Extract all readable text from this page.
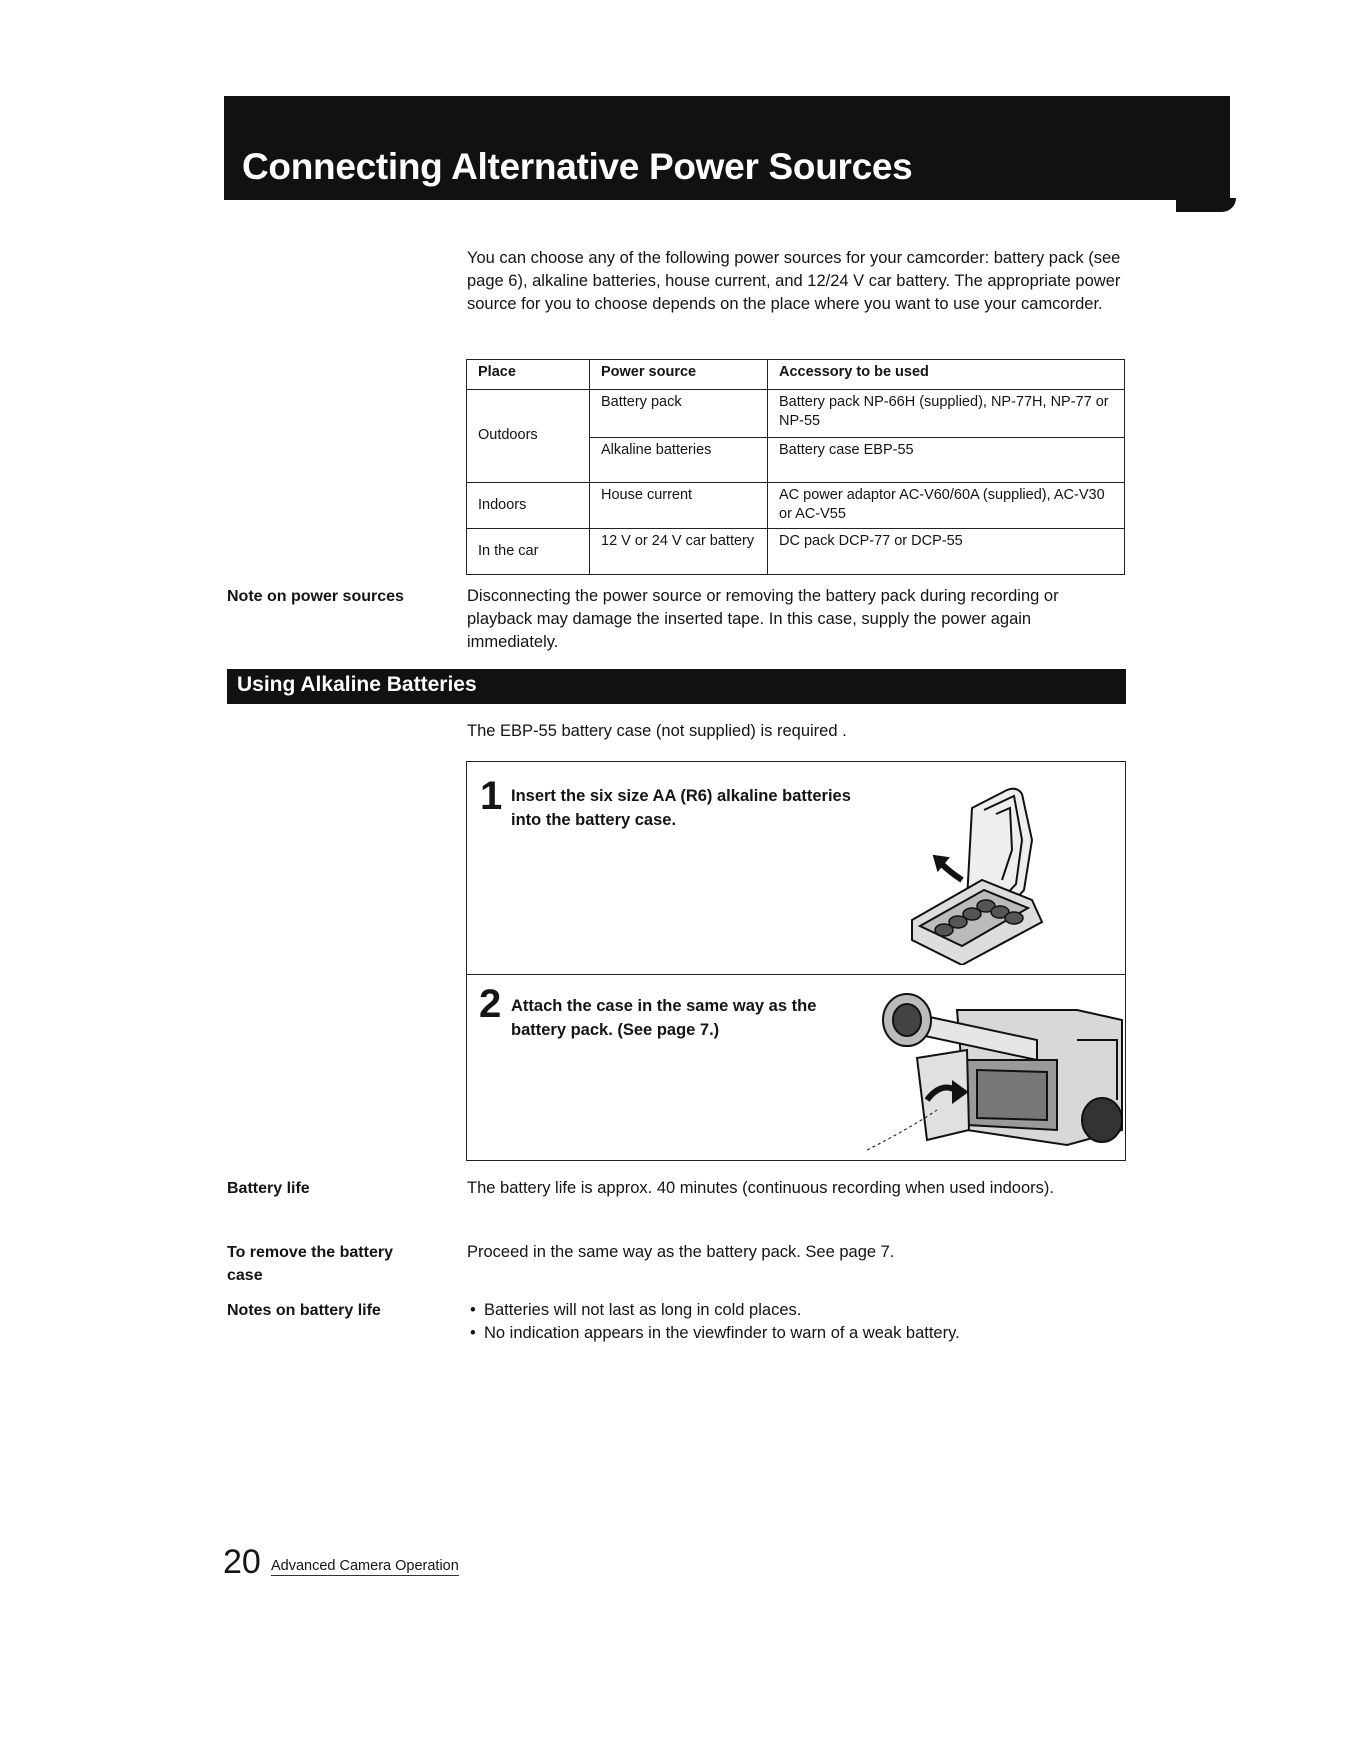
Connecting Alternative Power Sources

You can choose any of the following power sources for your camcorder: battery pack (see page 6), alkaline batteries, house current, and 12/24 V car battery. The appropriate power source for you to choose depends on the place where you want to use your camcorder.

Place	Power source	Accessory to be used
Outdoors	Battery pack	Battery pack NP-66H (supplied), NP-77H, NP-77 or NP-55
	Alkaline batteries	Battery case EBP-55
Indoors	House current	AC power adaptor AC-V60/60A (supplied), AC-V30 or AC-V55
In the car	12 V or 24 V car battery	DC pack DCP-77 or DCP-55
Note on power sources	Disconnecting the power source or removing the battery pack during recording or playback may damage the inserted tape. In this case, supply the power again immediately.

Using Alkaline Batteries

The EBP-55 battery case (not supplied) is required .

1 Insert the six size AA (R6) alkaline batteries into the battery case.
2 Attach the case in the same way as the battery pack. (See page 7.)
Battery life	The battery life is approx. 40 minutes (continuous recording when used indoors).

To remove the battery case

Proceed in the same way as the battery pack. See page 7.

Notes on battery life	• Batteries will not last as long in cold places.
• No indication appears in the viewfinder to warn of a weak battery.
20 Advanced Camera Operation
